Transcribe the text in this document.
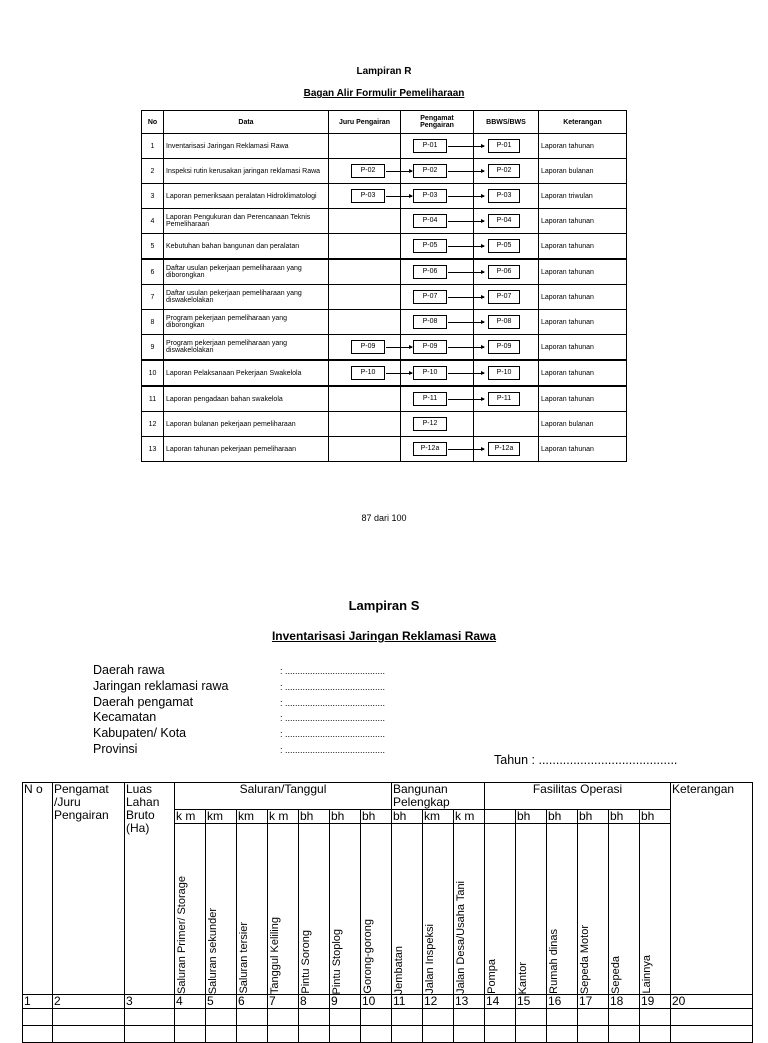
Lampiran R
Bagan Alir Formulir Pemeliharaan
No	Data	Juru Pengairan	Pengamat Pengairan	BBWS/BWS	Keterangan
1	Inventarisasi Jaringan Reklamasi Rawa		P-01	P-01	Laporan tahunan
2	Inspeksi rutin kerusakan jaringan reklamasi Rawa	P-02	P-02	P-02	Laporan bulanan
3	Laporan pemeriksaan peralatan Hidroklimatologi	P-03	P-03	P-03	Laporan triwulan
4	Laporan Pengukuran dan Perencanaan Teknis Pemeliharaan		P-04	P-04	Laporan tahunan
5	Kebutuhan bahan bangunan dan peralatan		P-05	P-05	Laporan tahunan
6	Daftar usulan pekerjaan pemeliharaan yang diborongkan		P-06	P-06	Laporan tahunan
7	Daftar usulan pekerjaan pemeliharaan yang diswakelolakan		P-07	P-07	Laporan tahunan
8	Program pekerjaan pemeliharaan yang diborongkan		P-08	P-08	Laporan tahunan
9	Program pekerjaan pemeliharaan yang diswakelolakan	P-09	P-09	P-09	Laporan tahunan
10	Laporan Pelaksanaan Pekerjaan Swakelola	P-10	P-10	P-10	Laporan tahunan
11	Laporan pengadaan bahan swakelola		P-11	P-11	Laporan tahunan
12	Laporan bulanan pekerjaan pemeliharaan		P-12		Laporan bulanan
13	Laporan tahunan pekerjaan pemeliharaan		P-12a	P-12a	Laporan tahunan
87 dari 100
Lampiran S
Inventarisasi Jaringan Reklamasi Rawa
Daerah rawa	: ........................................
Jaringan reklamasi rawa	: ........................................
Daerah pengamat	: ........................................
Kecamatan	: ........................................
Kabupaten/ Kota	: ........................................
Provinsi	: ........................................
Tahun : ........................................
N o	Pengamat /Juru Pengairan	Luas Lahan Bruto (Ha)	Saluran/Tanggul							Bangunan Pelengkap			Fasilitas Operasi						Keterangan
			k m	km	km	k m	bh	bh	bh	bh	km	k m		bh	bh	bh	bh	bh	

			Saluran Primer/ Storage	Saluran sekunder	Saluran tersier	Tanggul Keliling	Pintu Sorong	Pintu Stoplog	Gorong-gorong	Jembatan	Jalan Inspeksi	Jalan Desa/Usaha Tani	Pompa	Kantor	Rumah dinas	Sepeda Motor	Sepeda	Lainnya	

1	2	3	4	5	6	7	8	9	10	11	12	13	14	15	16	17	18	19	20
